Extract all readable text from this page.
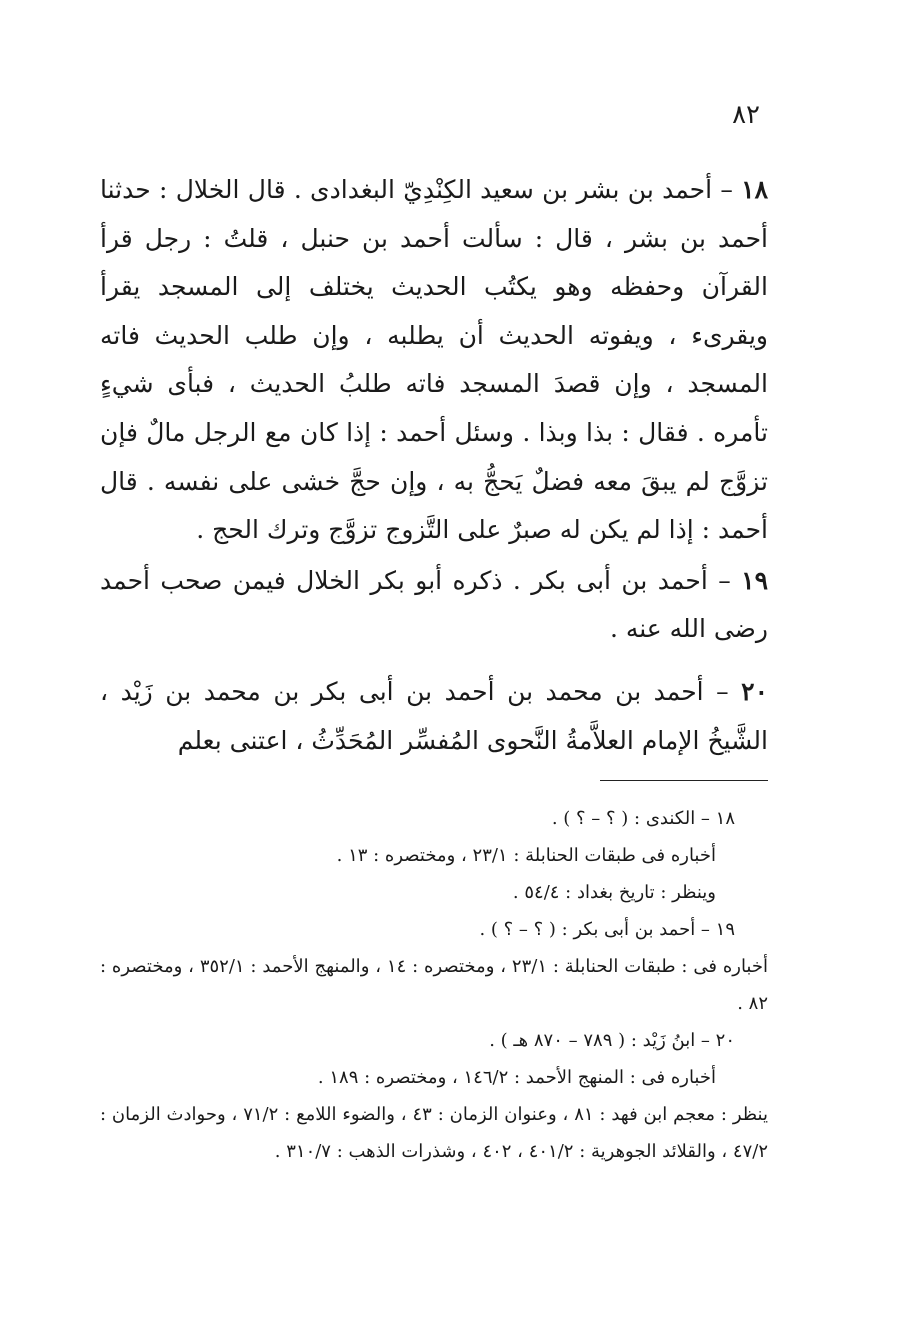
٨٢

١٨ – أحمد بن بشر بن سعيد الكِنْدِيّ البغدادى . قال الخلال : حدثنا أحمد بن بشر ، قال : سألت أحمد بن حنبل ، قلتُ : رجل قرأ القرآن وحفظه وهو يكتُب الحديث يختلف إلى المسجد يقرأ ويقرىء ، ويفوته الحديث أن يطلبه ، وإن طلب الحديث فاته المسجد ، وإن قصدَ المسجد فاته طلبُ الحديث ، فبأى شيءٍ تأمره . فقال : بذا وبذا . وسئل أحمد : إذا كان مع الرجل مالٌ فإن تزوَّج لم يبقَ معه فضلٌ يَحجُّ به ، وإن حجَّ خشى على نفسه . قال أحمد : إذا لم يكن له صبرٌ على التَّزوج تزوَّج وترك الحج .

١٩ – أحمد بن أبى بكر . ذكره أبو بكر الخلال فيمن صحب أحمد رضى الله عنه .

٢٠ – أحمد بن محمد بن أحمد بن أبى بكر بن محمد بن زَيْد ، الشَّيخُ الإمام العلاَّمةُ النَّحوى المُفسِّر المُحَدِّثُ ، اعتنى بعلم

١٨ – الكندى : ( ؟ – ؟ ) .

أخباره فى طبقات الحنابلة : ٢٣/١ ، ومختصره : ١٣ .

وينظر : تاريخ بغداد : ٥٤/٤ .

١٩ – أحمد بن أبى بكر : ( ؟ – ؟ ) .

أخباره فى : طبقات الحنابلة : ٢٣/١ ، ومختصره : ١٤ ، والمنهج الأحمد : ٣٥٢/١ ، ومختصره : ٨٢ .

٢٠ – ابنُ زَيْد : ( ٧٨٩ – ٨٧٠ هـ ) .

أخباره فى : المنهج الأحمد : ١٤٦/٢ ، ومختصره : ١٨٩ .

ينظر : معجم ابن فهد : ٨١ ، وعنوان الزمان : ٤٣ ، والضوء اللامع : ٧١/٢ ، وحوادث الزمان : ٤٧/٢ ، والقلائد الجوهرية : ٤٠١/٢ ، ٤٠٢ ، وشذرات الذهب : ٣١٠/٧ .
